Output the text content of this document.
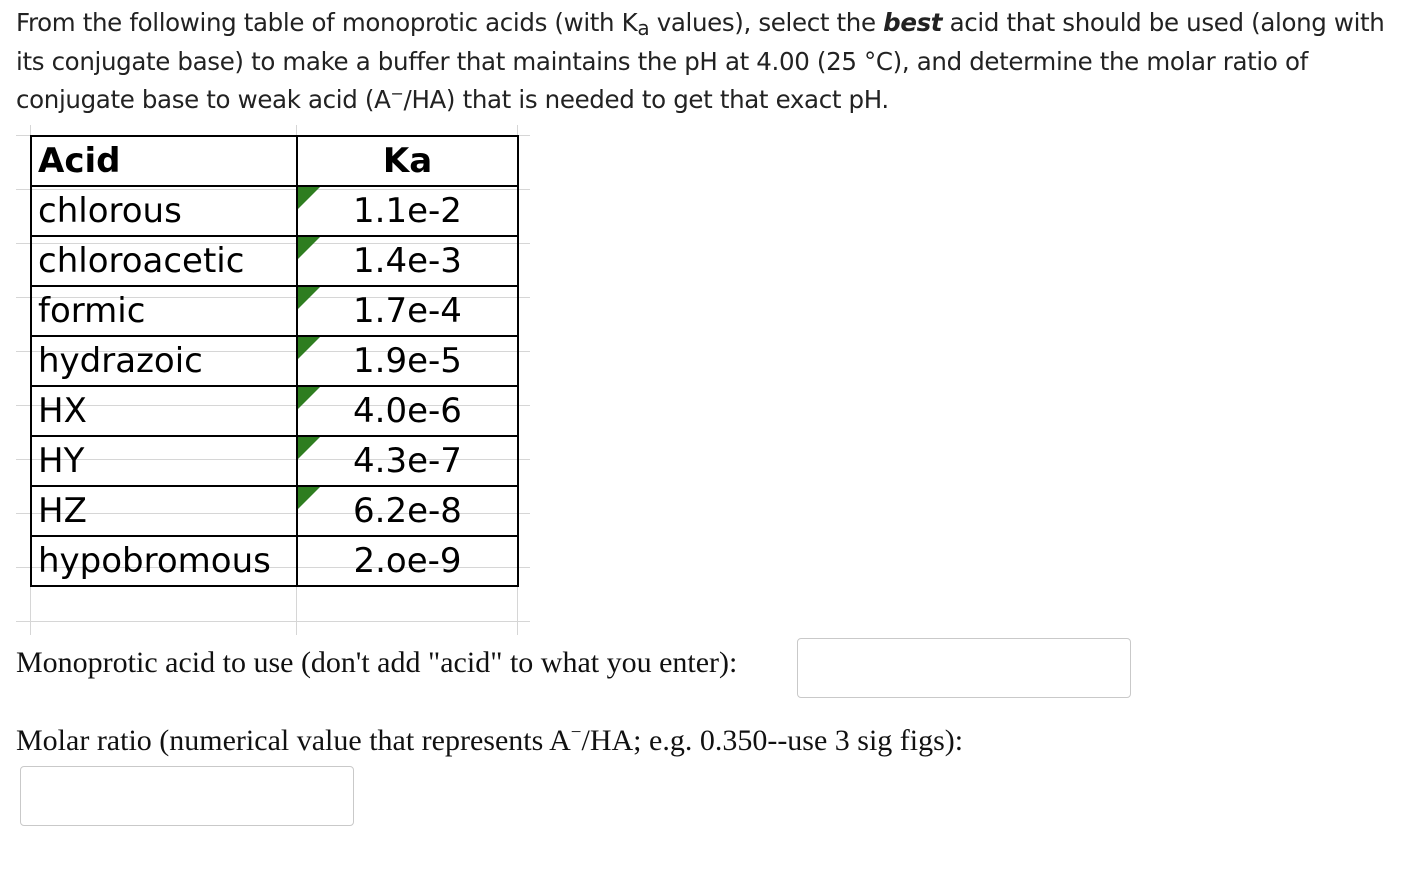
From the following table of monoprotic acids (with Ka values), select the best acid that should be used (along with its conjugate base) to make a buffer that maintains the pH at 4.00 (25 °C), and determine the molar ratio of conjugate base to weak acid (A−/HA) that is needed to get that exact pH.

Acid	Ka
chlorous	1.1e-2
chloroacetic	1.4e-3
formic	1.7e-4
hydrazoic	1.9e-5
HX	4.0e-6
HY	4.3e-7
HZ	6.2e-8
hypobromous	2.oe-9
Monoprotic acid to use (don't add "acid" to what you enter):
Molar ratio (numerical value that represents A−/HA; e.g. 0.350--use 3 sig figs):
